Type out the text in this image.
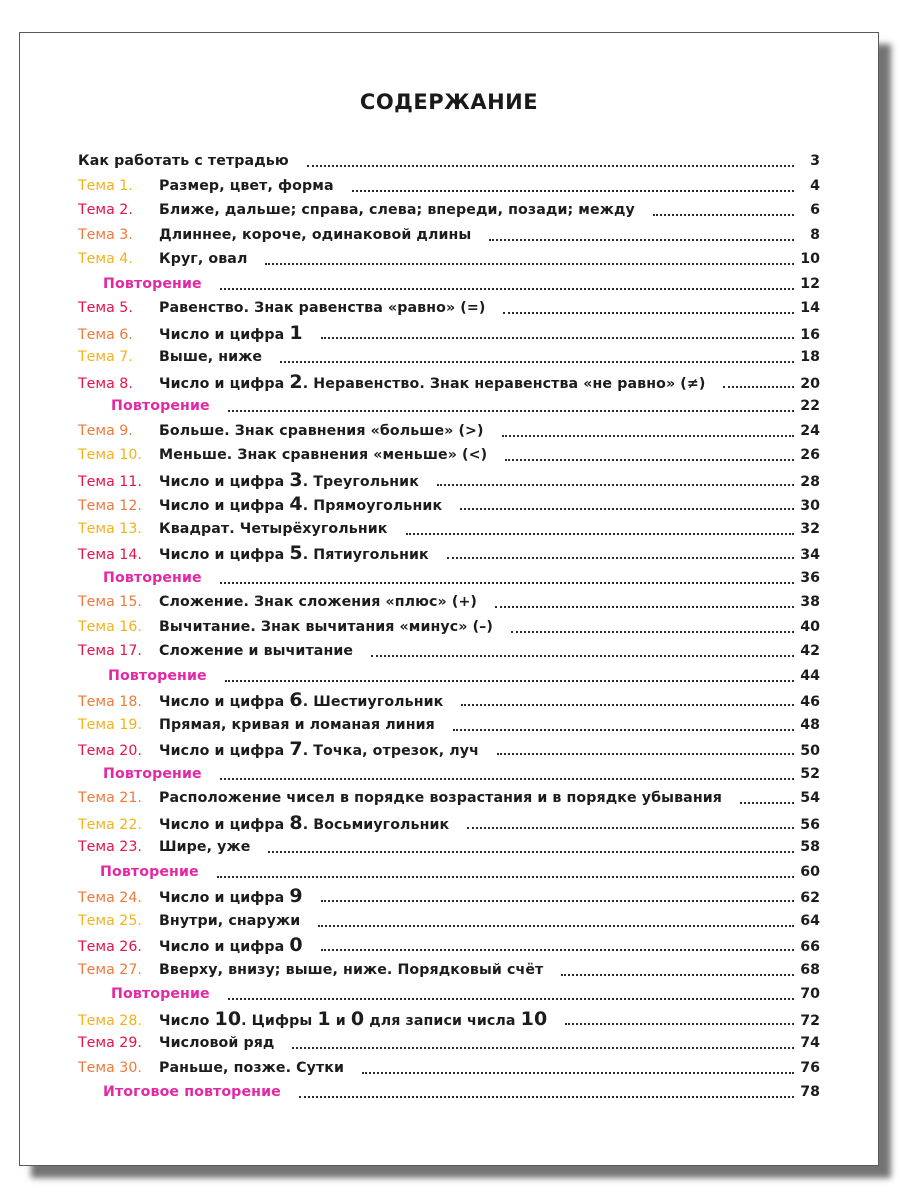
СОДЕРЖАНИЕ
Как работать с тетрадью	3
Тема 1.	Размер, цвет, форма	4
Тема 2.	Ближе, дальше; справа, слева; впереди, позади; между	6
Тема 3.	Длиннее, короче, одинаковой длины	8
Тема 4.	Круг, овал	10
Повторение	12
Тема 5.	Равенство. Знак равенства «равно» (=)	14
Тема 6.	Число и цифра 1	16
Тема 7.	Выше, ниже	18
Тема 8.	Число и цифра 2. Неравенство. Знак неравенства «не равно» (≠)	20
Повторение	22
Тема 9.	Больше. Знак сравнения «больше» (>)	24
Тема 10.	Меньше. Знак сравнения «меньше» (<)	26
Тема 11.	Число и цифра 3. Треугольник	28
Тема 12.	Число и цифра 4. Прямоугольник	30
Тема 13.	Квадрат. Четырёхугольник	32
Тема 14.	Число и цифра 5. Пятиугольник	34
Повторение	36
Тема 15.	Сложение. Знак сложения «плюс» (+)	38
Тема 16.	Вычитание. Знак вычитания «минус» (–)	40
Тема 17.	Сложение и вычитание	42
Повторение	44
Тема 18.	Число и цифра 6. Шестиугольник	46
Тема 19.	Прямая, кривая и ломаная линия	48
Тема 20.	Число и цифра 7. Точка, отрезок, луч	50
Повторение	52
Тема 21.	Расположение чисел в порядке возрастания и в порядке убывания	54
Тема 22.	Число и цифра 8. Восьмиугольник	56
Тема 23.	Шире, уже	58
Повторение	60
Тема 24.	Число и цифра 9	62
Тема 25.	Внутри, снаружи	64
Тема 26.	Число и цифра 0	66
Тема 27.	Вверху, внизу; выше, ниже. Порядковый счёт	68
Повторение	70
Тема 28.	Число 10. Цифры 1 и 0 для записи числа 10	72
Тема 29.	Числовой ряд	74
Тема 30.	Раньше, позже. Сутки	76
Итоговое повторение	78
